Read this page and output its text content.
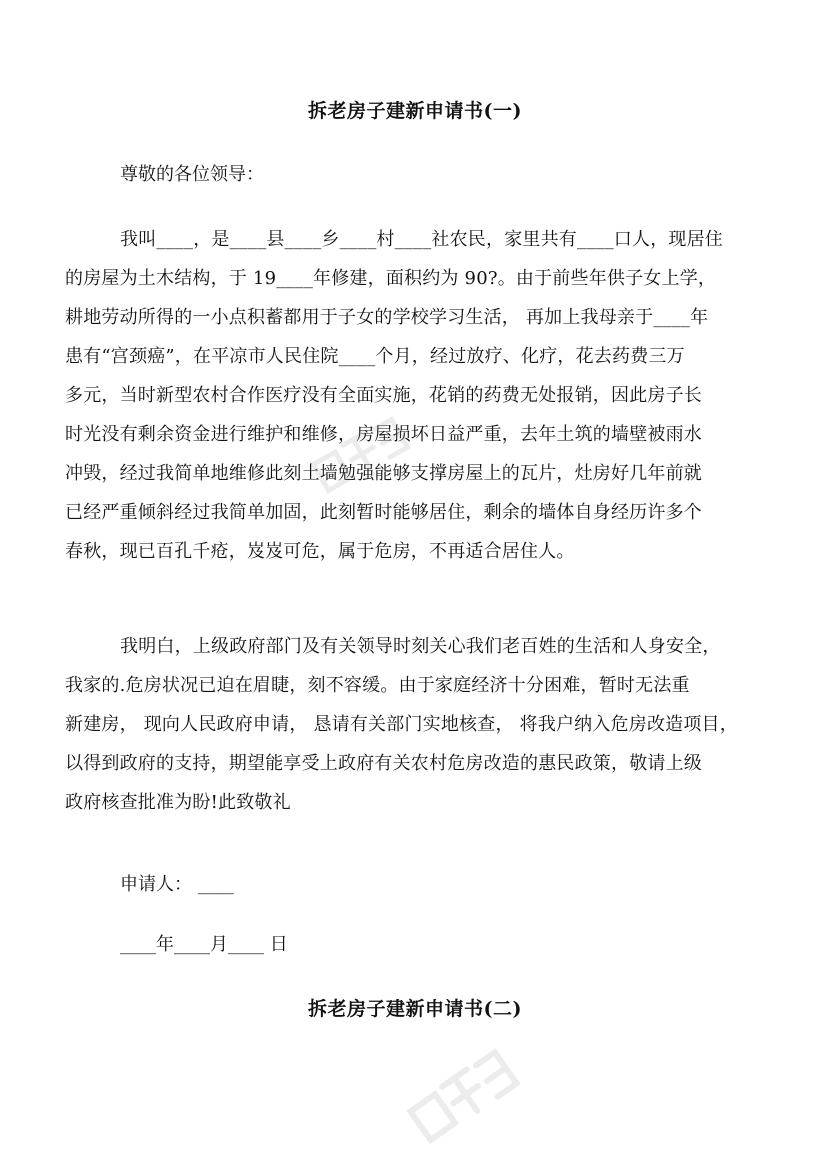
拆老房子建新申请书(一)
尊敬的各位领导：
我叫____，是____县____乡____村____社农民，家里共有____口人，现居住
的房屋为土木结构，于 19____年修建，面积约为 90?。由于前些年供子女上学，
耕地劳动所得的一小点积蓄都用于子女的学校学习生活， 再加上我母亲于____年
患有“宫颈癌”，在平凉市人民住院____个月，经过放疗、化疗，花去药费三万
多元，当时新型农村合作医疗没有全面实施，花销的药费无处报销，因此房子长
时光没有剩余资金进行维护和维修，房屋损坏日益严重，去年土筑的墙壁被雨水
冲毁，经过我简单地维修此刻土墙勉强能够支撑房屋上的瓦片，灶房好几年前就
已经严重倾斜经过我简单加固，此刻暂时能够居住，剩余的墙体自身经历许多个
春秋，现已百孔千疮，岌岌可危，属于危房，不再适合居住人。
我明白，上级政府部门及有关领导时刻关心我们老百姓的生活和人身安全，
我家的.危房状况已迫在眉睫，刻不容缓。由于家庭经济十分困难，暂时无法重
新建房， 现向人民政府申请， 恳请有关部门实地核查， 将我户纳入危房改造项目，
以得到政府的支持，期望能享受上政府有关农村危房改造的惠民政策，敬请上级
政府核查批准为盼!此致敬礼
申请人： ____
____年____月____ 日
拆老房子建新申请书(二)
